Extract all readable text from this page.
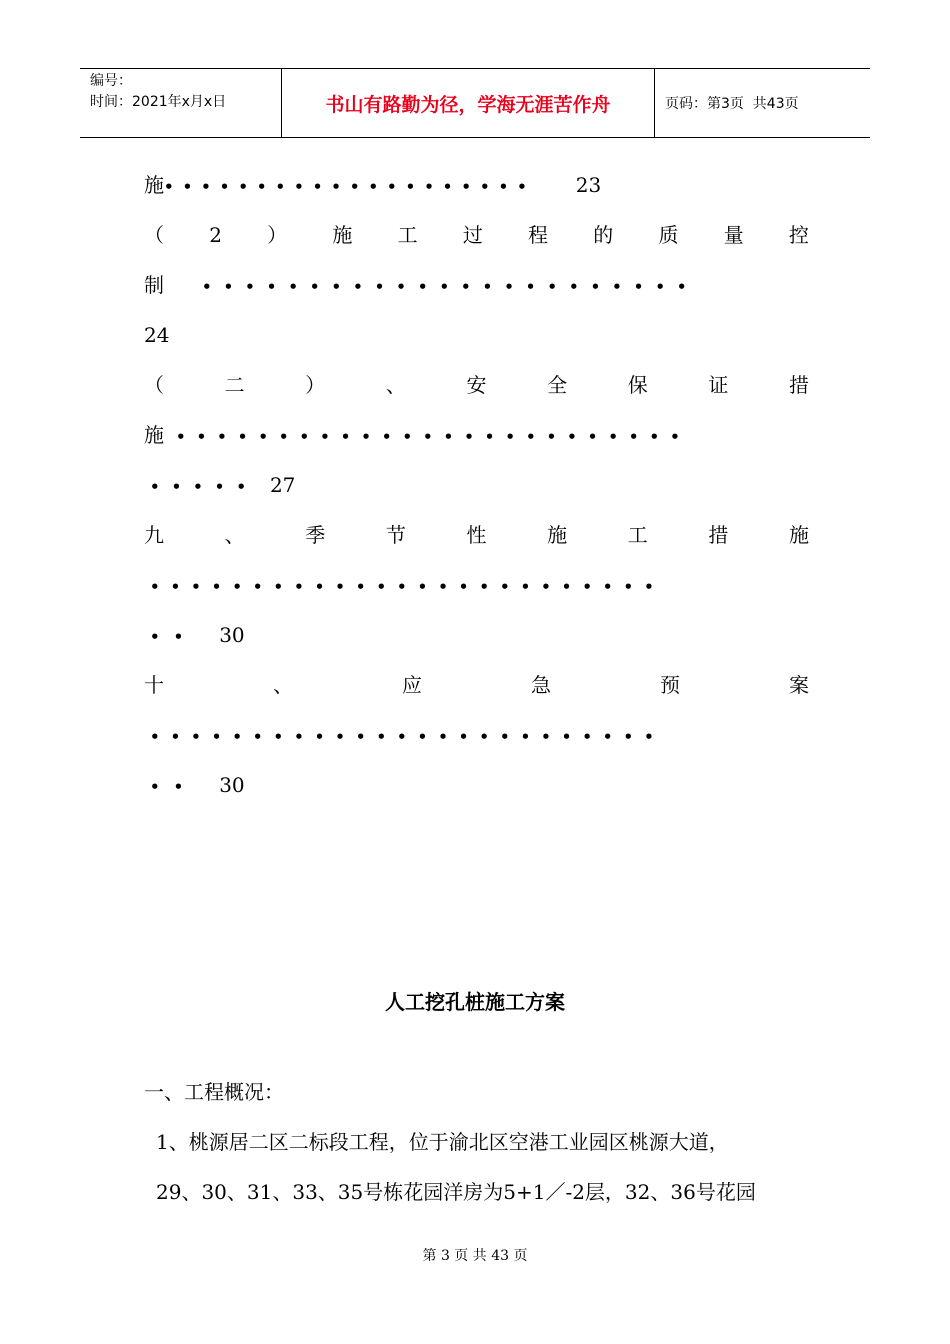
编号：
时间：2021年x月x日	书山有路勤为径，学海无涯苦作舟	页码：第3页  共43页
施•••••••••••••••••••• 23
（ 2 ） 施 工 过 程 的 质 量 控
制	•••••••••••••••••••••••
24
（	二	）	、	安	全	保	证	措
施 •••••••••••••••••••••••••
••••• 27
九	、	季	节	性	施	工	措	施
•••••••••••••••••••••••••
•• 30
十	、	应	急	预	案
•••••••••••••••••••••••••
•• 30
人工挖孔桩施工方案
一、工程概况：
1、桃源居二区二标段工程，位于渝北区空港工业园区桃源大道，
29、30、31、33、35号栋花园洋房为5+1／-2层，32、36号花园
第 3 页 共 43 页
